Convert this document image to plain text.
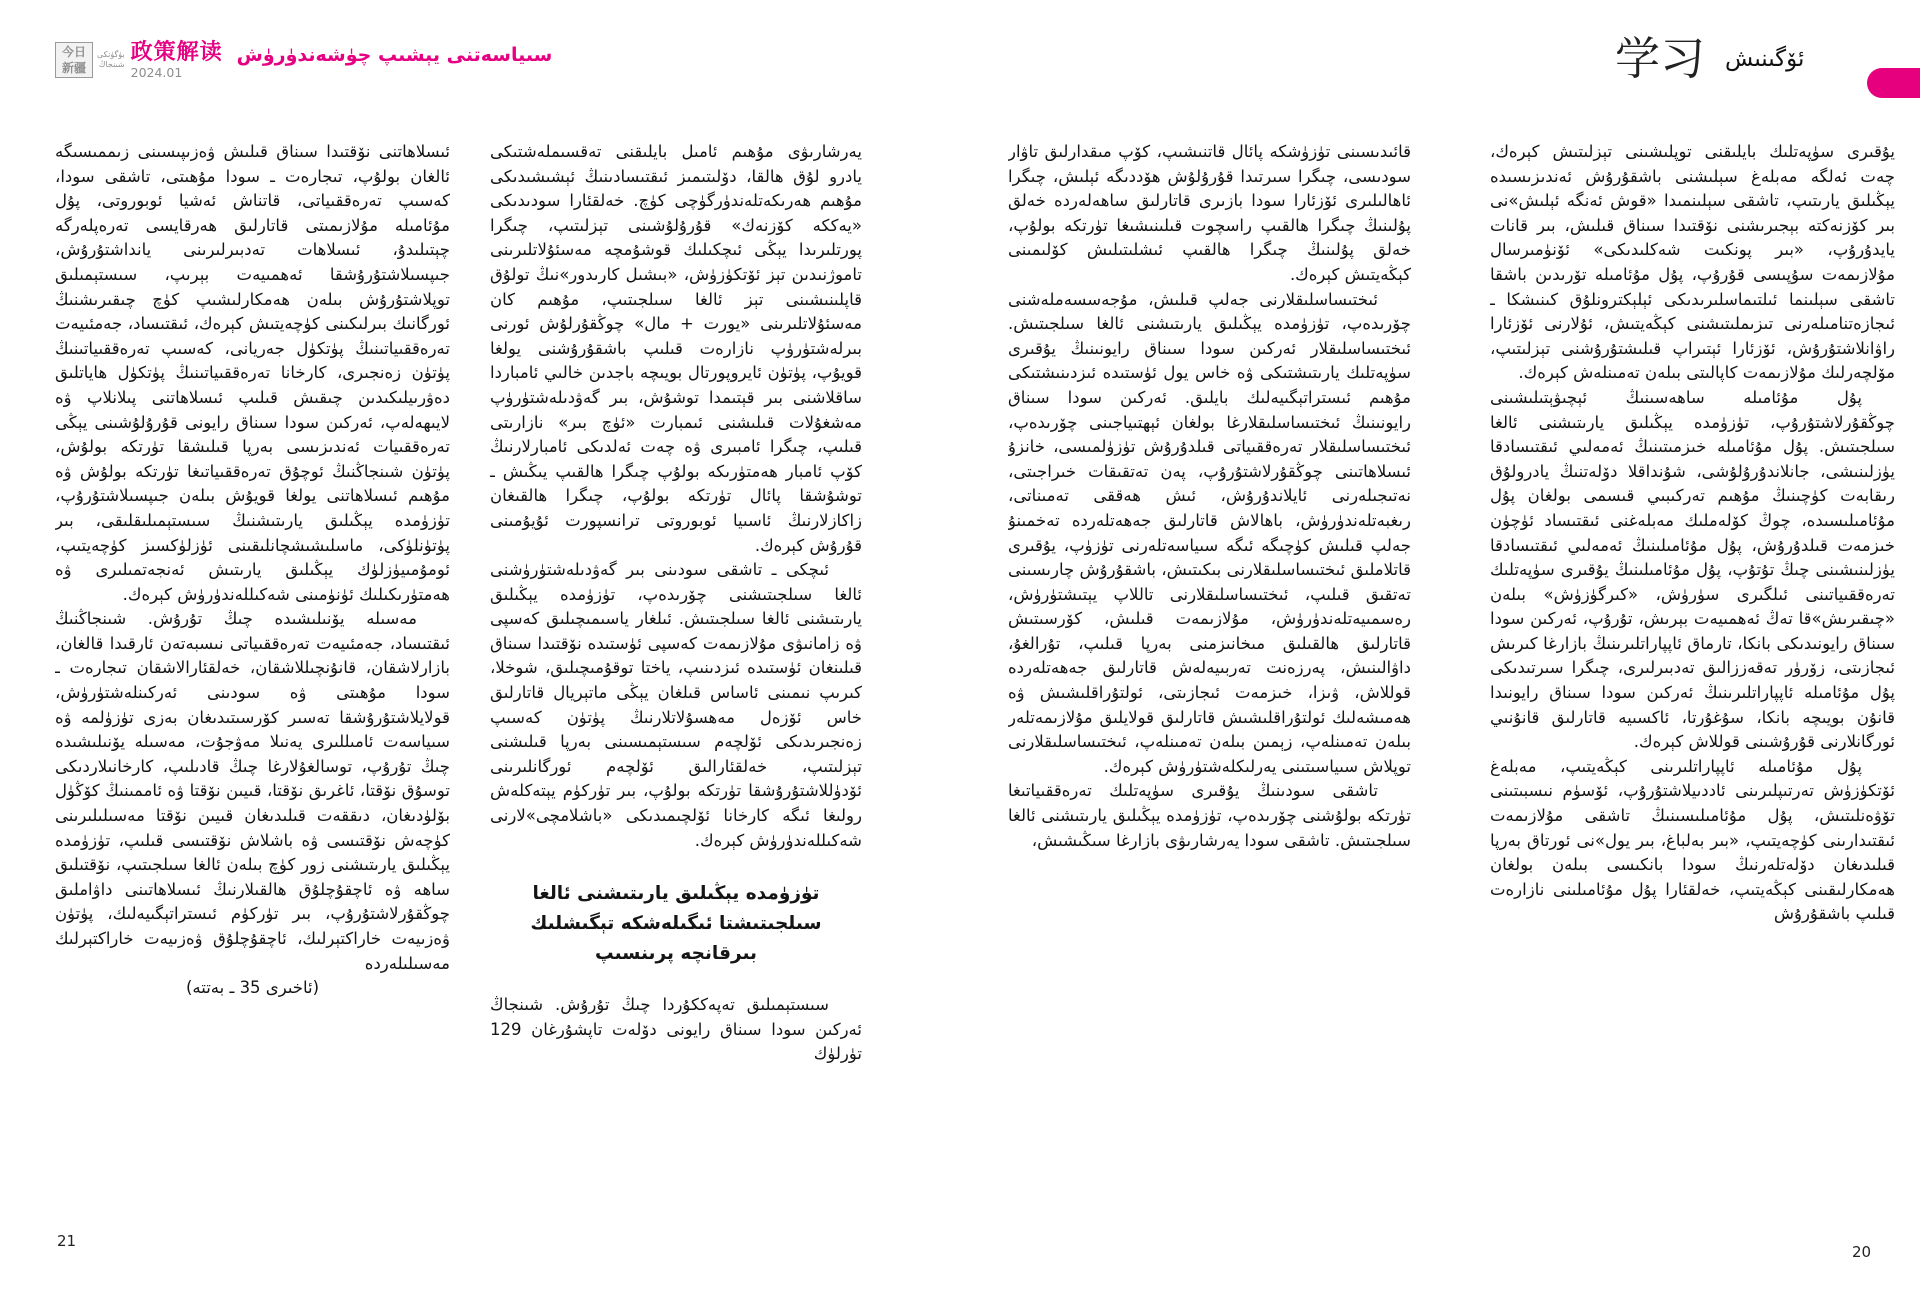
今日
新疆
بۈگۈنكى
شىنجاڭ 政策解读
2024.01
سىياسەتنى يېشىپ چۈشەندۈرۈش	学习 ئۆگىنىش

يۇقىرى سۈپەتلىك بايلىقنى توپلىشىنى تېزلىتىش كېرەك، چەت ئەلگە مەبلەغ سېلىشنى باشقۇرۇش ئەندىزىسىدە يېڭىلىق يارىتىپ، تاشقى سېلىنمىدا «قوش ئەنگە ئېلىش»نى بىر كۆزنەكتە بېجىرىشنى نۆقتىدا سىناق قىلىش، بىر قانات يايدۇرۇپ، «بىر پونكىت شەكلىدىكى» ئۆنۈمىرسال مۇلازىمەت سۇپىسى قۇرۇپ، پۇل مۇئامىلە تۆرىدىن باشقا تاشقى سېلىنما ئىلتىماسلىرىدىكى ئېلېكترونلۇق كىنىشكا ـ ئىجازەتنامىلەرنى تىزىملىتىشنى كېڭەيتىش، ئۇلارنى ئۆزئارا راۋانلاشتۇرۇش، ئۆزئارا ئېتىراپ قىلىشتۇرۇشنى تېزلىتىپ، مۆلچەرلىك مۇلازىمەت كاپالىتى بىلەن تەمىنلەش كېرەك.

پۇل مۇئامىلە ساھەسىنىڭ ئېچىۋېتىلىشىنى چوڭقۇرلاشتۇرۇپ، تۈزۈمدە يېڭىلىق يارىتىشنى ئالغا سىلجىتىش. پۇل مۇئامىلە خىزمىتىنىڭ ئەمەلىي ئىقتىسادقا يۈزلىنىشى، جانلاندۇرۇلۇشى، شۇنداقلا دۆلەتنىڭ يادرولۇق رىقابەت كۈچىنىڭ مۇھىم تەركىبىي قىسمى بولغان پۇل مۇئامىلىسىدە، چوڭ كۆلەملىك مەبلەغنى ئىقتىساد ئۈچۈن خىزمەت قىلدۇرۇش، پۇل مۇئامىلىنىڭ ئەمەلىي ئىقتىسادقا يۈزلىنىشىنى چىڭ تۇتۇپ، پۇل مۇئامىلىنىڭ يۇقىرى سۈپەتلىك تەرەققىياتىنى ئىلگىرى سۈرۈش، «كىرگۈزۈش» بىلەن «چىقىرىش»قا تەڭ ئەھمىيەت بېرىش، تۇرۇپ، ئەركىن سودا سىناق رايونىدىكى بانكا، تارماق ئاپپاراتلىرىنىڭ بازارغا كىرىش ئىجازىتى، زۆرۈر تەقەززالىق تەدبىرلىرى، چىگرا سىرتىدىكى پۇل مۇئامىلە ئاپپاراتلىرىنىڭ ئەركىن سودا سىناق رايونىدا قانۇن بويىچە بانكا، سۇغۇرتا، ئاكسىيە قاتارلىق قانۇنىي ئورگانلارنى قۇرۇشىنى قوللاش كېرەك.

پۇل مۇئامىلە ئاپپاراتلىرىنى كېڭەيتىپ، مەبلەغ ئۆتكۈزۈش تەرتىپلىرىنى ئاددىيلاشتۇرۇپ، ئۆسۈم نىسبىتىنى تۆۋەنلىتىش، پۇل مۇئامىلىسىنىڭ تاشقى مۇلازىمەت ئىقتىدارىنى كۈچەيتىپ، «بىر بەلباغ، بىر يول»نى ئورتاق بەرپا قىلىدىغان دۆلەتلەرنىڭ سودا بانكىسى بىلەن بولغان ھەمكارلىقىنى كېڭەيتىپ، خەلقئارا پۇل مۇئامىلىنى نازارەت قىلىپ باشقۇرۇش

قائىدىسىنى تۈزۈشكە پائال قاتنىشىپ، كۆپ مىقدارلىق تاۋار سودىسى، چىگرا سىرتىدا قۇرۇلۇش ھۆددىگە ئېلىش، چىگرا ئاھالىلىرى ئۆزئارا سودا بازىرى قاتارلىق ساھەلەردە خەلق پۇلىنىڭ چىگرا ھالقىپ راسچوت قىلىنىشىغا تۈرتكە بولۇپ، خەلق پۇلىنىڭ چىگرا ھالقىپ ئىشلىتىلىش كۆلىمىنى كېڭەيتىش كېرەك.

ئىختىساسلىقلارنى جەلپ قىلىش، مۇجەسسەملەشنى چۆرىدەپ، تۈزۈمدە يېڭىلىق يارىتىشنى ئالغا سىلجىتىش. ئىختىساسلىقلار ئەركىن سودا سىناق رايونىنىڭ يۇقىرى سۈپەتلىك يارىتىشتىكى ۋە خاس يول ئۈستىدە ئىزدىنىشتىكى مۇھىم ئىستراتېگىيەلىك بايلىق. ئەركىن سودا سىناق رايونىنىڭ ئىختىساسلىقلارغا بولغان ئېھتىياجىنى چۆرىدەپ، ئىختىساسلىقلار تەرەققىياتى قىلدۇرۇش تۈزۈلمىسى، خانزۇ ئىسلاھاتىنى چوڭقۇرلاشتۇرۇپ، پەن تەتقىقات خىراجىتى، نەتىجىلەرنى ئايلاندۇرۇش، ئىش ھەققى تەمىناتى، رىغبەتلەندۈرۈش، باھالاش قاتارلىق جەھەتلەردە تەخمىنۇ جەلپ قىلىش كۈچىگە ئىگە سىياسەتلەرنى تۈزۈپ، يۇقىرى قاتلاملىق ئىختىساسلىقلارنى بىكىتىش، باشقۇرۇش چارىسىنى تەتقىق قىلىپ، ئىختىساسلىقلارنى تاللاپ يېتىشتۈرۈش، رەسمىيەتلەندۈرۈش، مۇلازىمەت قىلىش، كۆرسىتىش قاتارلىق ھالقىلىق مىخانىزمنى بەرپا قىلىپ، تۇرالغۇ، داۋالىنىش، پەرزەنت تەربىيەلەش قاتارلىق جەھەتلەردە قوللاش، ۋىزا، خىزمەت ئىجازىتى، ئولتۇراقلىشىش ۋە ھەمىشەلىك ئولتۇراقلىشىش قاتارلىق قولايلىق مۇلازىمەتلەر بىلەن تەمىنلەپ، زېمىن بىلەن تەمىنلەپ، ئىختىساسلىقلارنى توپلاش سىياسىتىنى يەرلىكلەشتۈرۈش كېرەك.

تاشقى سودىنىڭ يۇقىرى سۈپەتلىك تەرەققىياتىغا تۈرتكە بولۇشنى چۆرىدەپ، تۈزۈمدە يېڭىلىق يارىتىشنى ئالغا سىلجىتىش. تاشقى سودا يەرشارىۋى بازارغا سىڭىشىش،

يەرشارىۋى مۇھىم ئامىل بايلىقنى تەقسىملەشتىكى يادرو لۇق ھالقا، دۆلىتىمىز ئىقتىسادىنىڭ ئېشىشىدىكى مۇھىم ھەرىكەتلەندۈرگۈچى كۈچ. خەلقئارا سودىدىكى «يەككە كۆزنەك» قۇرۇلۇشىنى تېزلىتىپ، چىگرا پورتلىرىدا يېڭى ئىچكىلىك قوشۇمچە مەسئۇلاتلىرىنى تاموژنىدىن تېز ئۆتكۈزۈش، «بىشىل كارىدور»نىڭ تولۇق قاپلىنىشىنى تېز ئالغا سىلجىتىپ، مۇھىم كان مەسئۇلاتلىرىنى «يورت + مال» چوڭقۇرلۇش ئورنى بىرلەشتۈرۈپ نازارەت قىلىپ باشقۇرۇشنى يولغا قويۇپ، پۈتۈن ئايروپورتال بويىچە باجدىن خالىي ئامباردا ساقلاشنى بىر قېتىمدا توشۇش، بىر گەۋدىلەشتۈرۈپ مەشغۇلات قىلىشنى ئىمبارت «ئۈچ بىر» نازارىتى قىلىپ، چىگرا ئامبىرى ۋە چەت ئەلدىكى ئامبارلارنىڭ كۆپ ئامبار ھەمتۈرىكە بولۇپ چىگرا ھالقىپ يىڭىش ـ توشۇشقا پائال تۈرتكە بولۇپ، چىگرا ھالقىغان زاكازلارنىڭ ئاسىيا ئوبوروتى ترانسپورت ئۇيۇمىنى قۇرۇش كېرەك.

ئىچكى ـ تاشقى سودىنى بىر گەۋدىلەشتۈرۈشنى ئالغا سىلجىتىشنى چۆرىدەپ، تۈزۈمدە يېڭىلىق يارىتىشنى ئالغا سىلجىتىش. ئىلغار ياسىمىچىلىق كەسپى ۋە زامانىۋى مۇلازىمەت كەسپى ئۈستىدە نۆقتىدا سىناق قىلىنغان ئۈستىدە ئىزدىنىپ، ياختا توقۇمىچىلىق، شوخلا، كىرىپ نىمىنى ئاساس قىلغان يېڭى ماتېريال قاتارلىق خاس ئۆزەل مەھسۇلاتلارنىڭ پۈتۈن كەسىپ زەنجىرىدىكى ئۆلچەم سىستېمىسىنى بەرپا قىلىشنى تېزلىتىپ، خەلقئارالىق ئۆلچەم ئورگانلىرىنى ئۆدۈللاشتۇرۇشقا تۈرتكە بولۇپ، بىر تۈركۈم يېتەكلەش رولىغا ئىگە كارخانا ئۆلچىمىدىكى «باشلامچى»لارنى شەكىللەندۈرۈش كېرەك.

تۈزۈمدە يېڭىلىق يارىتىشنى ئالغا سىلجىتىشتا ئىگىلەشكە تېگىشلىك بىرقانچە پرىنسىپ

سىستېمىلىق تەپەككۇردا چىڭ تۇرۇش. شىنجاڭ ئەركىن سودا سىناق رايونى دۆلەت تاپشۇرغان 129 تۈرلۈك

ئىسلاھاتنى نۆقتىدا سىناق قىلىش ۋەزىپىسىنى زىممىسىگە ئالغان بولۇپ، تىجارەت ـ سودا مۇھىتى، تاشقى سودا، كەسىپ تەرەققىياتى، قاتناش ئەشيا ئوبوروتى، پۇل مۇئامىلە مۇلازىمىتى قاتارلىق ھەرقايسى تەرەپلەرگە چېتىلىدۇ، ئىسلاھات تەدبىرلىرىنى يانداشتۇرۇش، جىپسىلاشتۇرۇشقا ئەھمىيەت بېرىپ، سىستېمىلىق توپلاشتۇرۇش بىلەن ھەمكارلىشىپ كۈچ چىقىرىشنىڭ ئورگانىك بىرلىكىنى كۈچەيتىش كېرەك، ئىقتىساد، جەمئىيەت تەرەققىياتىنىڭ پۈتكۈل جەريانى، كەسىپ تەرەققىياتىنىڭ پۈتۈن زەنجىرى، كارخانا تەرەققىياتىنىڭ پۈتكۈل ھاياتلىق دەۋرىيلىكىدىن چىقىش قىلىپ ئىسلاھاتنى پىلانلاپ ۋە لايىھەلەپ، ئەركىن سودا سىناق رايونى قۇرۇلۇشىنى يېڭى تەرەققىيات ئەندىزىسى بەرپا قىلىشقا تۈرتكە بولۇش، پۈتۈن شىنجاڭنىڭ ئوچۇق تەرەققىياتىغا تۈرتكە بولۇش ۋە مۇھىم ئىسلاھاتنى يولغا قويۇش بىلەن جىپسىلاشتۇرۇپ، تۈزۈمدە يېڭىلىق يارىتىشنىڭ سىستېمىلىقلىقى، بىر پۈتۈنلۈكى، ماسلىشىشچانلىقىنى ئۈزلۈكسىز كۈچەيتىپ، ئومۇمىيۈزلۈك يېڭىلىق يارىتىش ئەنجەتمىلىرى ۋە ھەمتۈرىكىلىك ئۈنۈمىنى شەكىللەندۈرۈش كېرەك.

مەسىلە يۆنىلىشىدە چىڭ تۇرۇش. شىنجاڭنىڭ ئىقتىساد، جەمئىيەت تەرەققىياتى نىسبەتەن ئارقىدا قالغان، بازارلاشقان، قانۇنچىللاشقان، خەلقئارالاشقان تىجارەت ـ سودا مۇھىتى ۋە سودىنى ئەركىنلەشتۈرۈش، قولايلاشتۇرۇشقا تەسىر كۆرسىتىدىغان بەزى تۈزۈلمە ۋە سىياسەت ئامىللىرى يەنىلا مەۋجۇت، مەسىلە يۆنىلىشىدە چىڭ تۇرۇپ، توسالغۇلارغا چىڭ قادىلىپ، كارخانىلاردىكى توسۇق نۆقتا، ئاغرىق نۆقتا، قىيىن نۆقتا ۋە ئاممىنىڭ كۆڭۈل بۆلۈدىغان، دىققەت قىلىدىغان قىيىن نۆقتا مەسىلىلىرىنى كۈچەش نۆقتىسى ۋە باشلاش نۆقتىسى قىلىپ، تۈزۈمدە يېڭىلىق يارىتىشنى زور كۈچ بىلەن ئالغا سىلجىتىپ، نۆقتىلىق ساھە ۋە ئاچقۇچلۇق ھالقىلارنىڭ ئىسلاھاتىنى داۋاملىق چوڭقۇرلاشتۇرۇپ، بىر تۈركۈم ئىستراتېگىيەلىك، پۈتۈن ۋەزىيەت خاراكتېرلىك، ئاچقۇچلۇق ۋەزىيەت خاراكتېرلىك مەسىلىلەردە

(ئاخىرى 35 ـ بەتتە)

21
20
